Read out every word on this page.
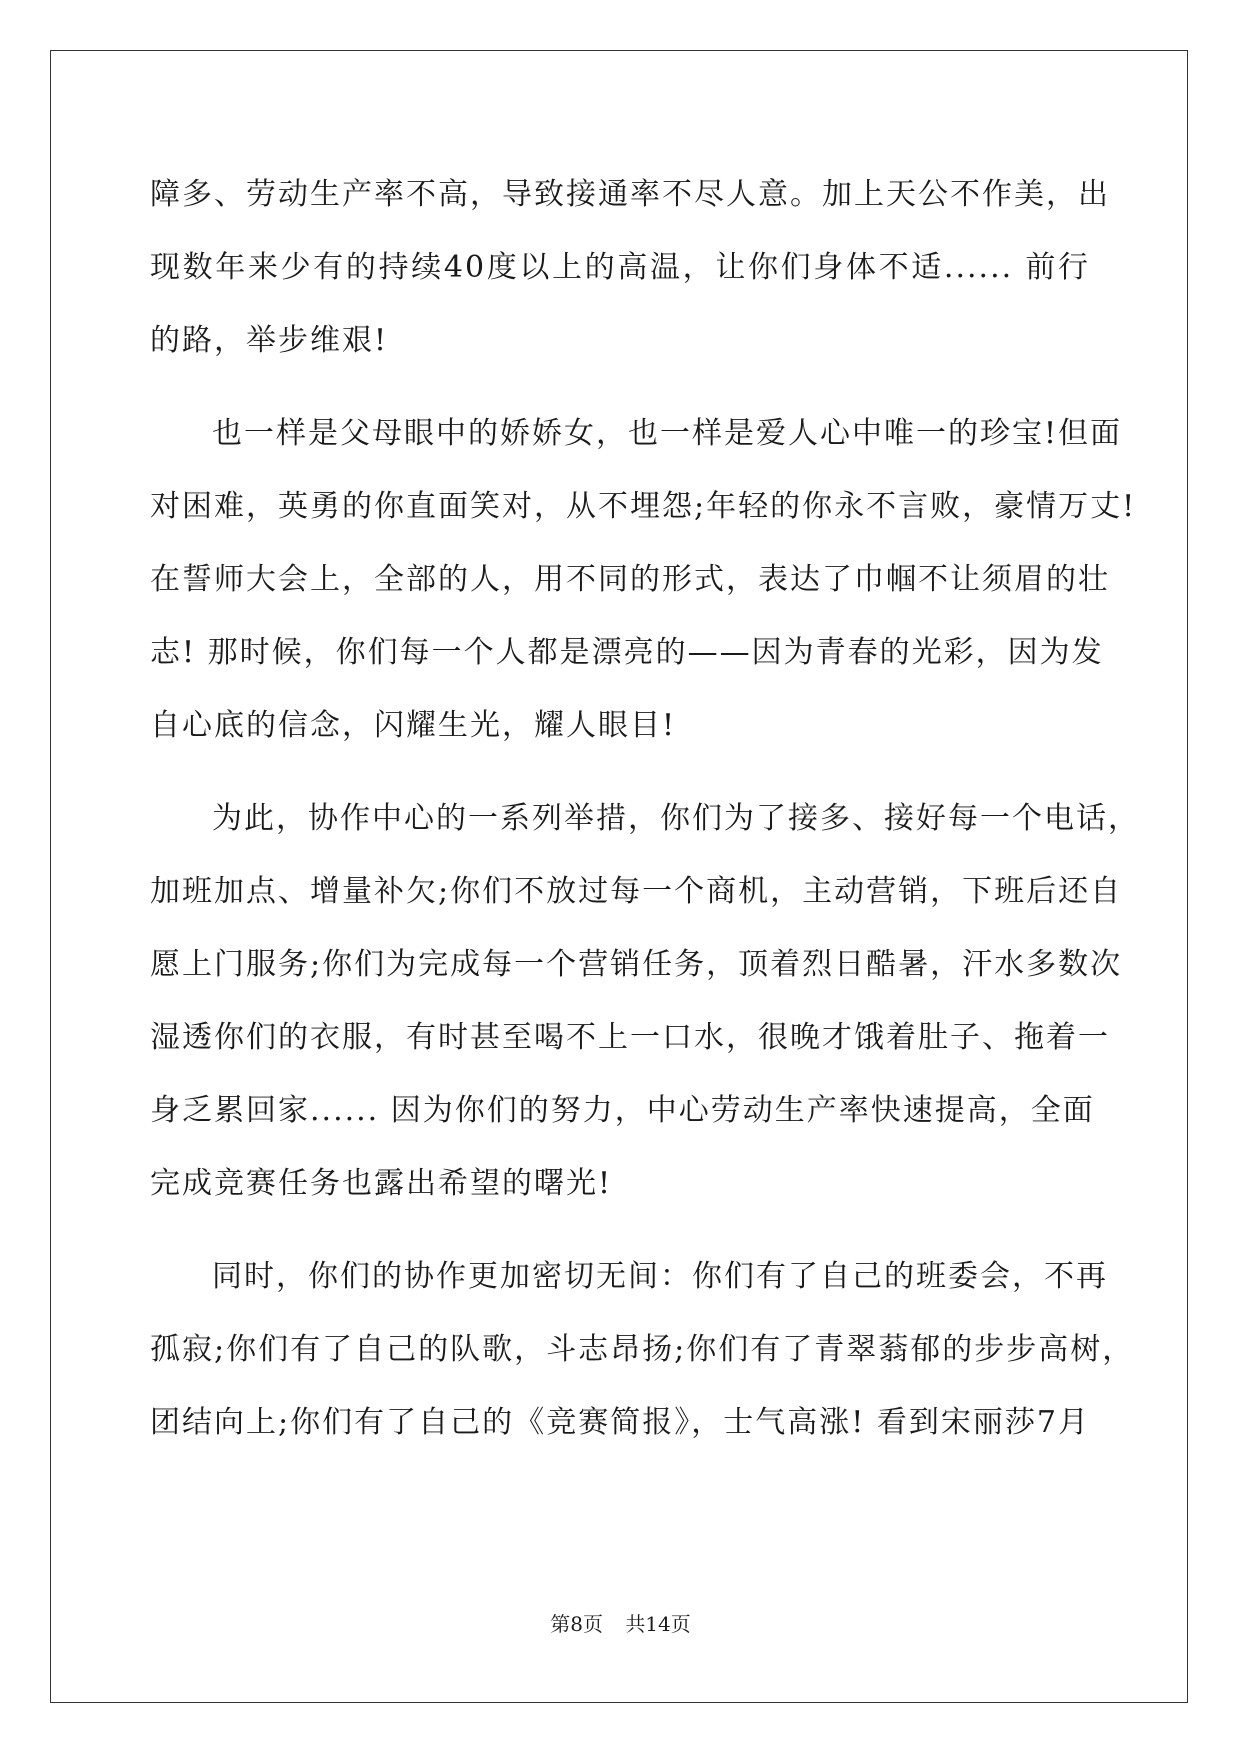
障多、劳动生产率不高，导致接通率不尽人意。加上天公不作美，出
现数年来少有的持续40度以上的高温，让你们身体不适...... 前行
的路，举步维艰!
也一样是父母眼中的娇娇女，也一样是爱人心中唯一的珍宝!但面
对困难，英勇的你直面笑对，从不埋怨;年轻的你永不言败，豪情万丈!
在誓师大会上，全部的人，用不同的形式，表达了巾帼不让须眉的壮
志! 那时候，你们每一个人都是漂亮的——因为青春的光彩，因为发
自心底的信念，闪耀生光，耀人眼目!
为此，协作中心的一系列举措，你们为了接多、接好每一个电话，
加班加点、增量补欠;你们不放过每一个商机，主动营销，下班后还自
愿上门服务;你们为完成每一个营销任务，顶着烈日酷暑，汗水多数次
湿透你们的衣服，有时甚至喝不上一口水，很晚才饿着肚子、拖着一
身乏累回家...... 因为你们的努力，中心劳动生产率快速提高，全面
完成竞赛任务也露出希望的曙光!
同时，你们的协作更加密切无间：你们有了自己的班委会，不再
孤寂;你们有了自己的队歌，斗志昂扬;你们有了青翠蓊郁的步步高树，
团结向上;你们有了自己的《竞赛简报》，士气高涨! 看到宋丽莎7月
第8页 共14页
